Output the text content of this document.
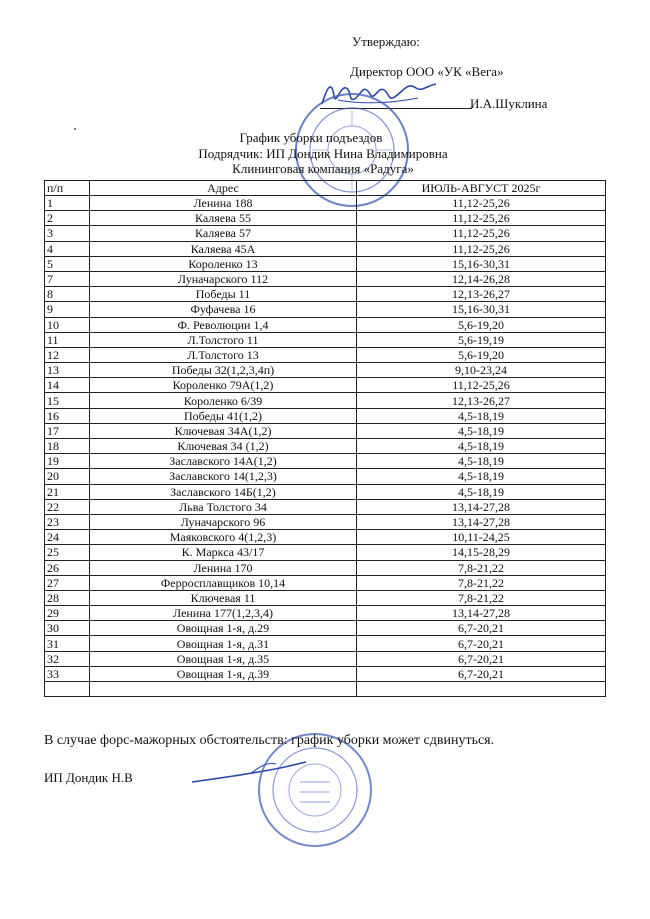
Утверждаю:
Директор ООО «УК «Вега»
И.А.Шуклина
График уборки подъездов
Подрядчик: ИП Дондик Нина Владимировна
Клининговая компания «Радуга»
п/п	Адрес	ИЮЛЬ-АВГУСТ 2025г
1	Ленина 188	11,12-25,26
2	Каляева 55	11,12-25,26
3	Каляева 57	11,12-25,26
4	Каляева 45А	11,12-25,26
5	Короленко 13	15,16-30,31
7	Луначарского 112	12,14-26,28
8	Победы 11	12,13-26,27
9	Фуфачева 16	15,16-30,31
10	Ф. Революции 1,4	5,6-19,20
11	Л.Толстого 11	5,6-19,19
12	Л.Толстого 13	5,6-19,20
13	Победы 32(1,2,3,4п)	9,10-23,24
14	Короленко 79А(1,2)	11,12-25,26
15	Короленко 6/39	12,13-26,27
16	Победы 41(1,2)	4,5-18,19
17	Ключевая 34А(1,2)	4,5-18,19
18	Ключевая 34 (1,2)	4,5-18,19
19	Заславского 14А(1,2)	4,5-18,19
20	Заславского 14(1,2,3)	4,5-18,19
21	Заславского 14Б(1,2)	4,5-18,19
22	Льва Толстого 34	13,14-27,28
23	Луначарского 96	13,14-27,28
24	Маяковского 4(1,2,3)	10,11-24,25
25	К. Маркса 43/17	14,15-28,29
26	Ленина 170	7,8-21,22
27	Ферросплавщиков 10,14	7,8-21,22
28	Ключевая 11	7,8-21,22
29	Ленина 177(1,2,3,4)	13,14-27,28
30	Овощная 1-я, д.29	6,7-20,21
31	Овощная 1-я, д.31	6,7-20,21
32	Овощная 1-я, д.35	6,7-20,21
33	Овощная 1-я, д.39	6,7-20,21

В случае форс-мажорных обстоятельств: график уборки может сдвинуться.
ИП Дондик Н.В
